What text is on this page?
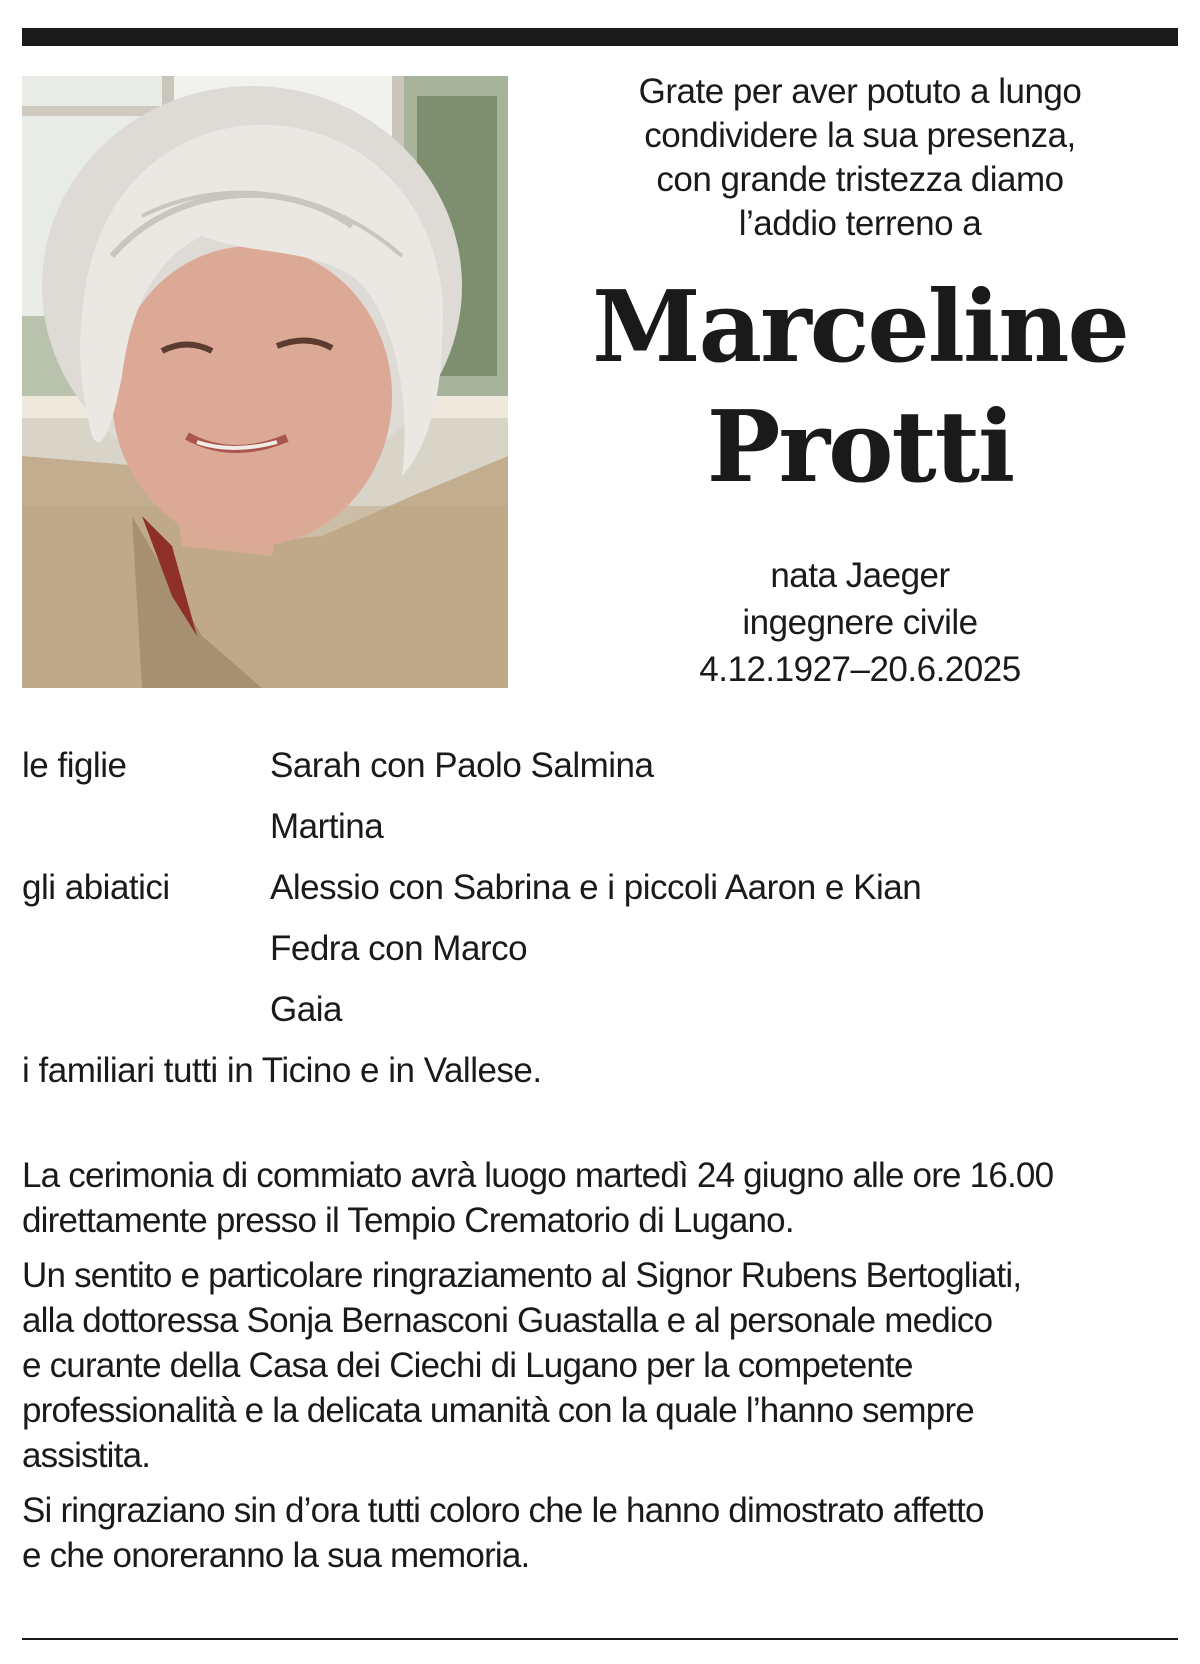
Grate per aver potuto a lungo
condividere la sua presenza,
con grande tristezza diamo
l’addio terreno a
Marceline
Protti
nata Jaeger
ingegnere civile
4.12.1927–20.6.2025
le figlie	Sarah con Paolo Salmina
Martina
gli abiatici	Alessio con Sabrina e i piccoli Aaron e Kian
Fedra con Marco
Gaia
i familiari tutti in Ticino e in Vallese.

La cerimonia di commiato avrà luogo martedì 24 giugno alle ore 16.00
direttamente presso il Tempio Crematorio di Lugano.

Un sentito e particolare ringraziamento al Signor Rubens Bertogliati,
alla dottoressa Sonja Bernasconi Guastalla e al personale medico
e curante della Casa dei Ciechi di Lugano per la competente
professionalità e la delicata umanità con la quale l’hanno sempre
assistita.

Si ringraziano sin d’ora tutti coloro che le hanno dimostrato affetto
e che onoreranno la sua memoria.
